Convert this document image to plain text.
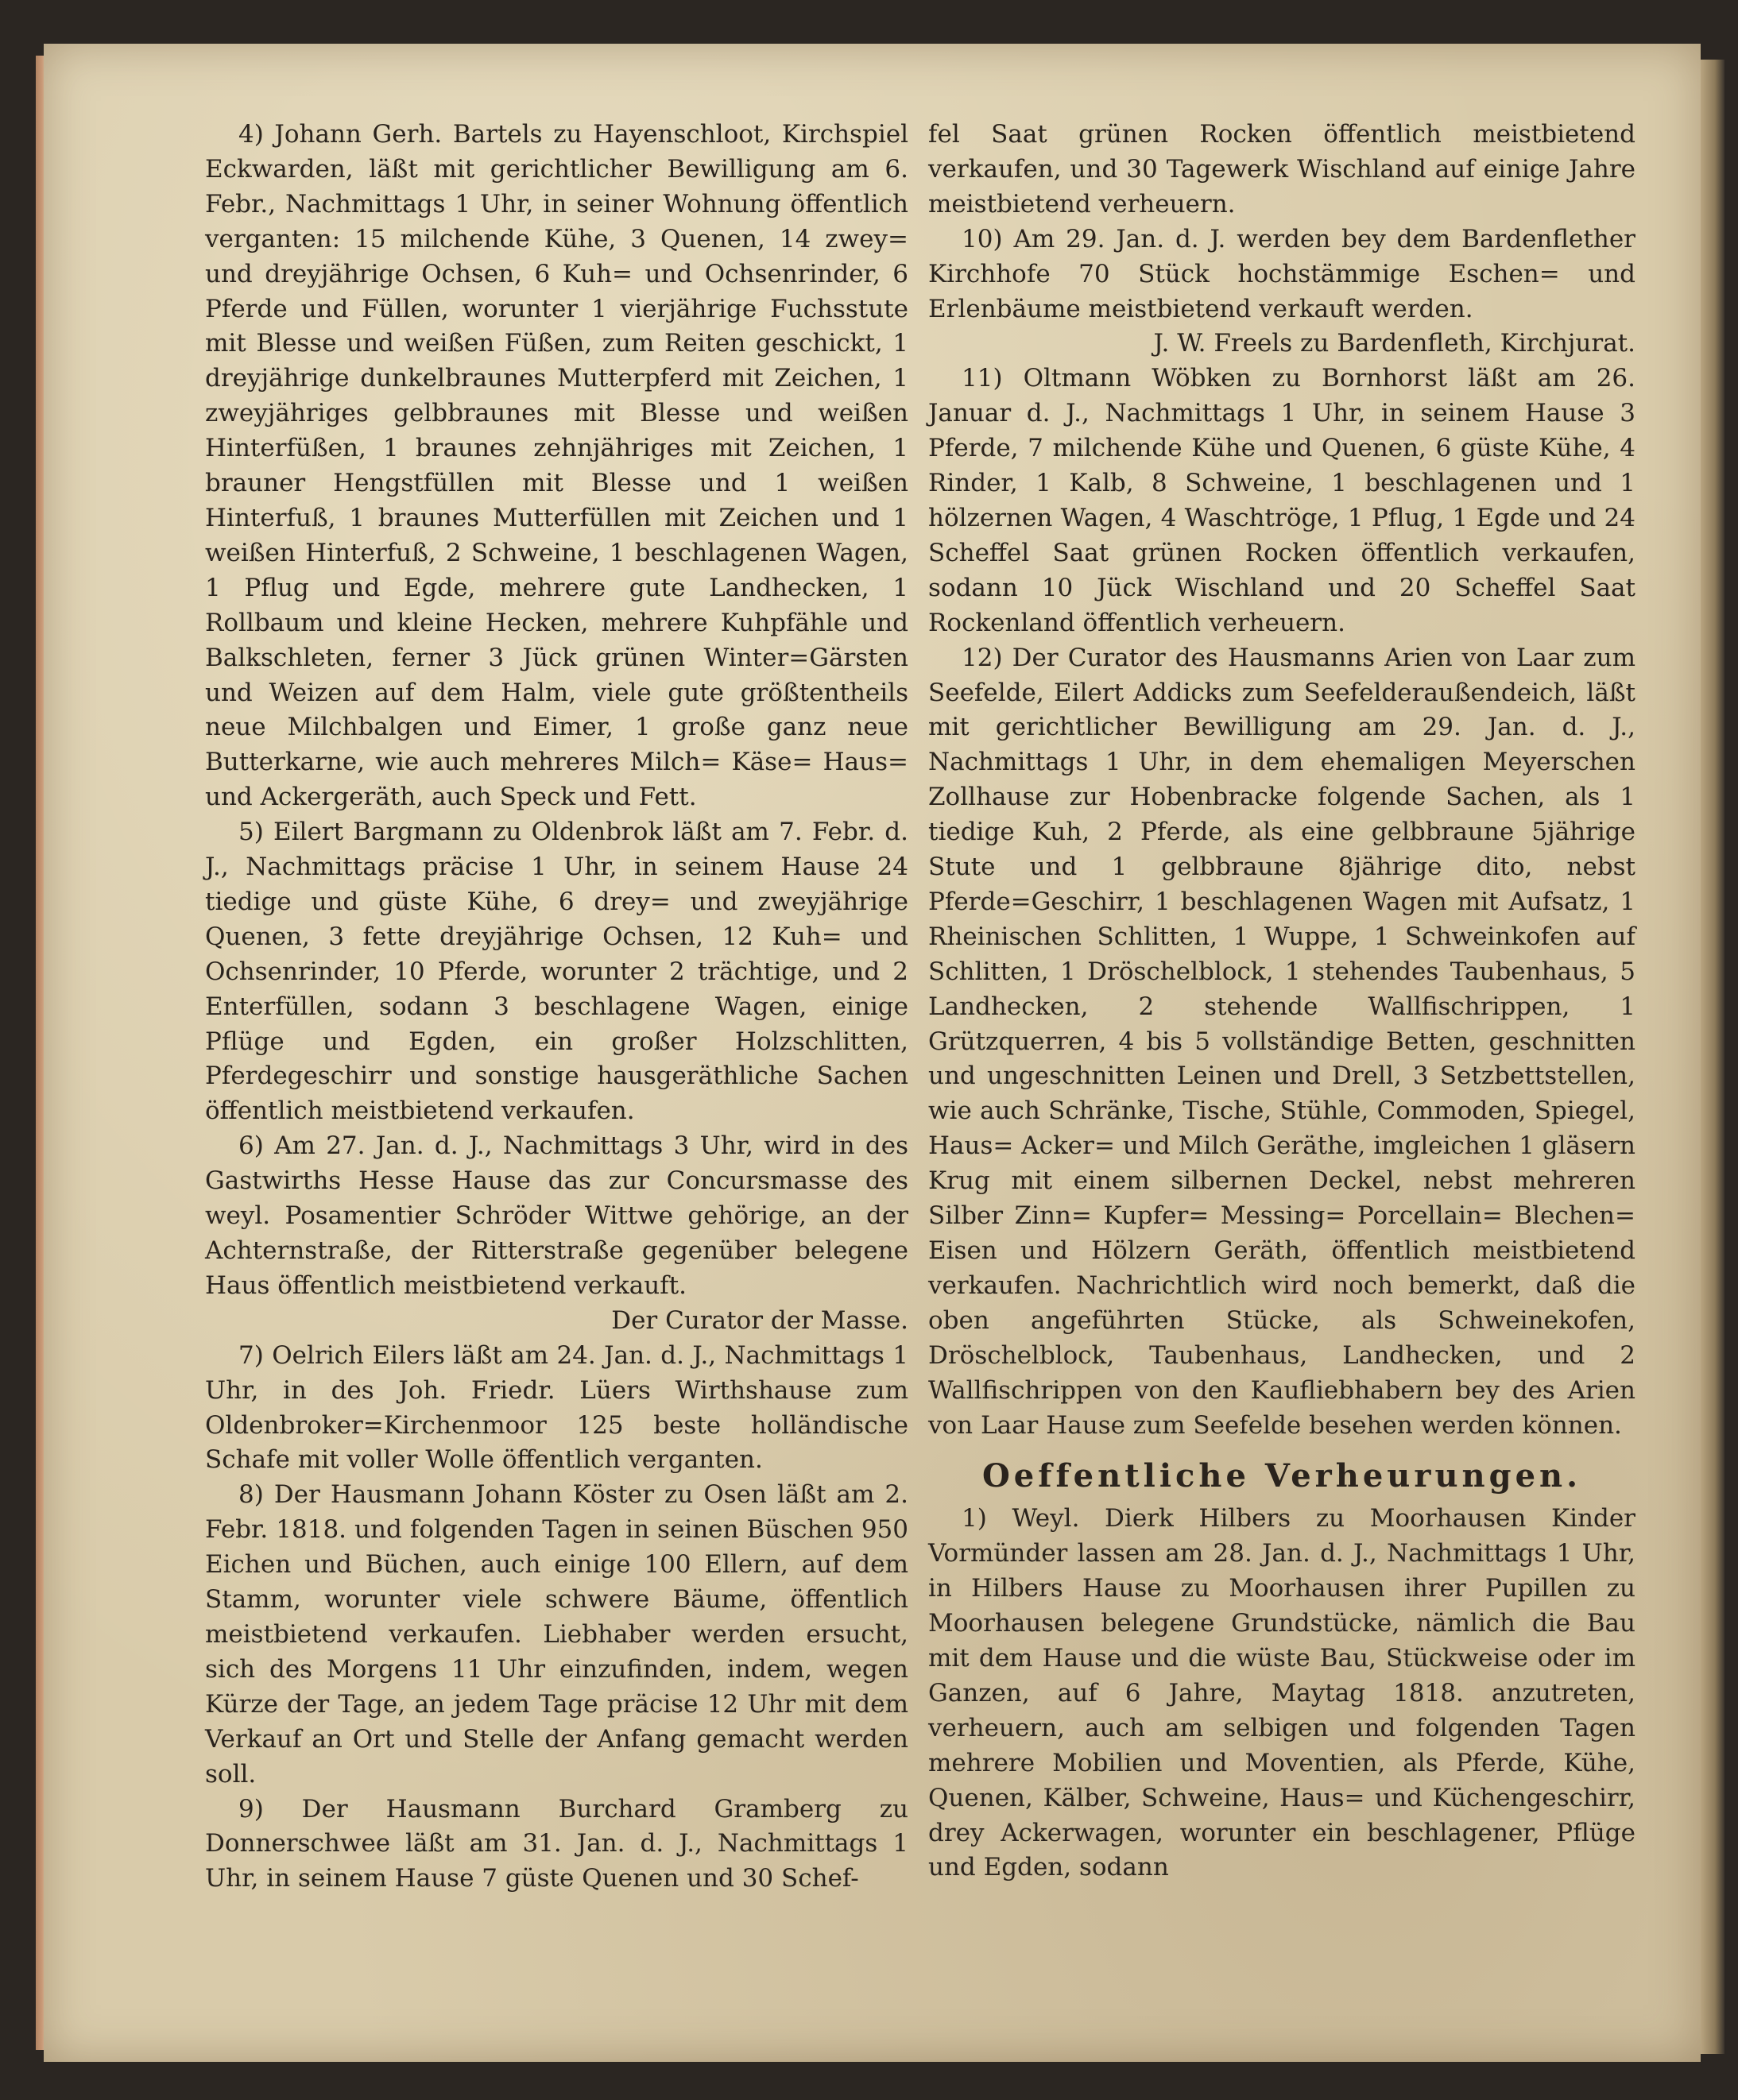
4) Johann Gerh. Bartels zu Hayenschloot, Kirchspiel Eckwarden, läßt mit gerichtlicher Bewilligung am 6. Febr., Nachmittags 1 Uhr, in seiner Wohnung öffentlich verganten: 15 milchende Kühe, 3 Quenen, 14 zwey= und dreyjährige Ochsen, 6 Kuh= und Ochsenrinder, 6 Pferde und Füllen, worunter 1 vierjährige Fuchsstute mit Blesse und weißen Füßen, zum Reiten geschickt, 1 dreyjährige dunkelbraunes Mutterpferd mit Zeichen, 1 zweyjähriges gelbbraunes mit Blesse und weißen Hinterfüßen, 1 braunes zehnjähriges mit Zeichen, 1 brauner Hengstfüllen mit Blesse und 1 weißen Hinterfuß, 1 braunes Mutterfüllen mit Zeichen und 1 weißen Hinterfuß, 2 Schweine, 1 beschlagenen Wagen, 1 Pflug und Egde, mehrere gute Landhecken, 1 Rollbaum und kleine Hecken, mehrere Kuhpfähle und Balkschleten, ferner 3 Jück grünen Winter=Gärsten und Weizen auf dem Halm, viele gute größtentheils neue Milchbalgen und Eimer, 1 große ganz neue Butterkarne, wie auch mehreres Milch= Käse= Haus= und Ackergeräth, auch Speck und Fett.

5) Eilert Bargmann zu Oldenbrok läßt am 7. Febr. d. J., Nachmittags präcise 1 Uhr, in seinem Hause 24 tiedige und güste Kühe, 6 drey= und zweyjährige Quenen, 3 fette dreyjährige Ochsen, 12 Kuh= und Ochsenrinder, 10 Pferde, worunter 2 trächtige, und 2 Enterfüllen, sodann 3 beschlagene Wagen, einige Pflüge und Egden, ein großer Holzschlitten, Pferdegeschirr und sonstige hausgeräthliche Sachen öffentlich meistbietend verkaufen.

6) Am 27. Jan. d. J., Nachmittags 3 Uhr, wird in des Gastwirths Hesse Hause das zur Concursmasse des weyl. Posamentier Schröder Wittwe gehörige, an der Achternstraße, der Ritterstraße gegenüber belegene Haus öffentlich meistbietend verkauft.

Der Curator der Masse.

7) Oelrich Eilers läßt am 24. Jan. d. J., Nachmittags 1 Uhr, in des Joh. Friedr. Lüers Wirthshause zum Oldenbroker=Kirchenmoor 125 beste holländische Schafe mit voller Wolle öffentlich verganten.

8) Der Hausmann Johann Köster zu Osen läßt am 2. Febr. 1818. und folgenden Tagen in seinen Büschen 950 Eichen und Büchen, auch einige 100 Ellern, auf dem Stamm, worunter viele schwere Bäume, öffentlich meistbietend verkaufen. Liebhaber werden ersucht, sich des Morgens 11 Uhr einzufinden, indem, wegen Kürze der Tage, an jedem Tage präcise 12 Uhr mit dem Verkauf an Ort und Stelle der Anfang gemacht werden soll.

9) Der Hausmann Burchard Gramberg zu Donnerschwee läßt am 31. Jan. d. J., Nachmittags 1 Uhr, in seinem Hause 7 güste Quenen und 30 Schef-

fel Saat grünen Rocken öffentlich meistbietend verkaufen, und 30 Tagewerk Wischland auf einige Jahre meistbietend verheuern.

10) Am 29. Jan. d. J. werden bey dem Bardenflether Kirchhofe 70 Stück hochstämmige Eschen= und Erlenbäume meistbietend verkauft werden.

J. W. Freels zu Bardenfleth, Kirchjurat.

11) Oltmann Wöbken zu Bornhorst läßt am 26. Januar d. J., Nachmittags 1 Uhr, in seinem Hause 3 Pferde, 7 milchende Kühe und Quenen, 6 güste Kühe, 4 Rinder, 1 Kalb, 8 Schweine, 1 beschlagenen und 1 hölzernen Wagen, 4 Waschtröge, 1 Pflug, 1 Egde und 24 Scheffel Saat grünen Rocken öffentlich verkaufen, sodann 10 Jück Wischland und 20 Scheffel Saat Rockenland öffentlich verheuern.

12) Der Curator des Hausmanns Arien von Laar zum Seefelde, Eilert Addicks zum Seefelderaußendeich, läßt mit gerichtlicher Bewilligung am 29. Jan. d. J., Nachmittags 1 Uhr, in dem ehemaligen Meyerschen Zollhause zur Hobenbracke folgende Sachen, als 1 tiedige Kuh, 2 Pferde, als eine gelbbraune 5jährige Stute und 1 gelbbraune 8jährige dito, nebst Pferde=Geschirr, 1 beschlagenen Wagen mit Aufsatz, 1 Rheinischen Schlitten, 1 Wuppe, 1 Schweinkofen auf Schlitten, 1 Dröschelblock, 1 stehendes Taubenhaus, 5 Landhecken, 2 stehende Wallfischrippen, 1 Grützquerren, 4 bis 5 vollständige Betten, geschnitten und ungeschnitten Leinen und Drell, 3 Setzbettstellen, wie auch Schränke, Tische, Stühle, Commoden, Spiegel, Haus= Acker= und Milch Geräthe, imgleichen 1 gläsern Krug mit einem silbernen Deckel, nebst mehreren Silber Zinn= Kupfer= Messing= Porcellain= Blechen= Eisen und Hölzern Geräth, öffentlich meistbietend verkaufen. Nachrichtlich wird noch bemerkt, daß die oben angeführten Stücke, als Schweinekofen, Dröschelblock, Taubenhaus, Landhecken, und 2 Wallfischrippen von den Kaufliebhabern bey des Arien von Laar Hause zum Seefelde besehen werden können.

Oeffentliche Verheurungen.

1) Weyl. Dierk Hilbers zu Moorhausen Kinder Vormünder lassen am 28. Jan. d. J., Nachmittags 1 Uhr, in Hilbers Hause zu Moorhausen ihrer Pupillen zu Moorhausen belegene Grundstücke, nämlich die Bau mit dem Hause und die wüste Bau, Stückweise oder im Ganzen, auf 6 Jahre, Maytag 1818. anzutreten, verheuern, auch am selbigen und folgenden Tagen mehrere Mobilien und Moventien, als Pferde, Kühe, Quenen, Kälber, Schweine, Haus= und Küchengeschirr, drey Ackerwagen, worunter ein beschlagener, Pflüge und Egden, sodann
